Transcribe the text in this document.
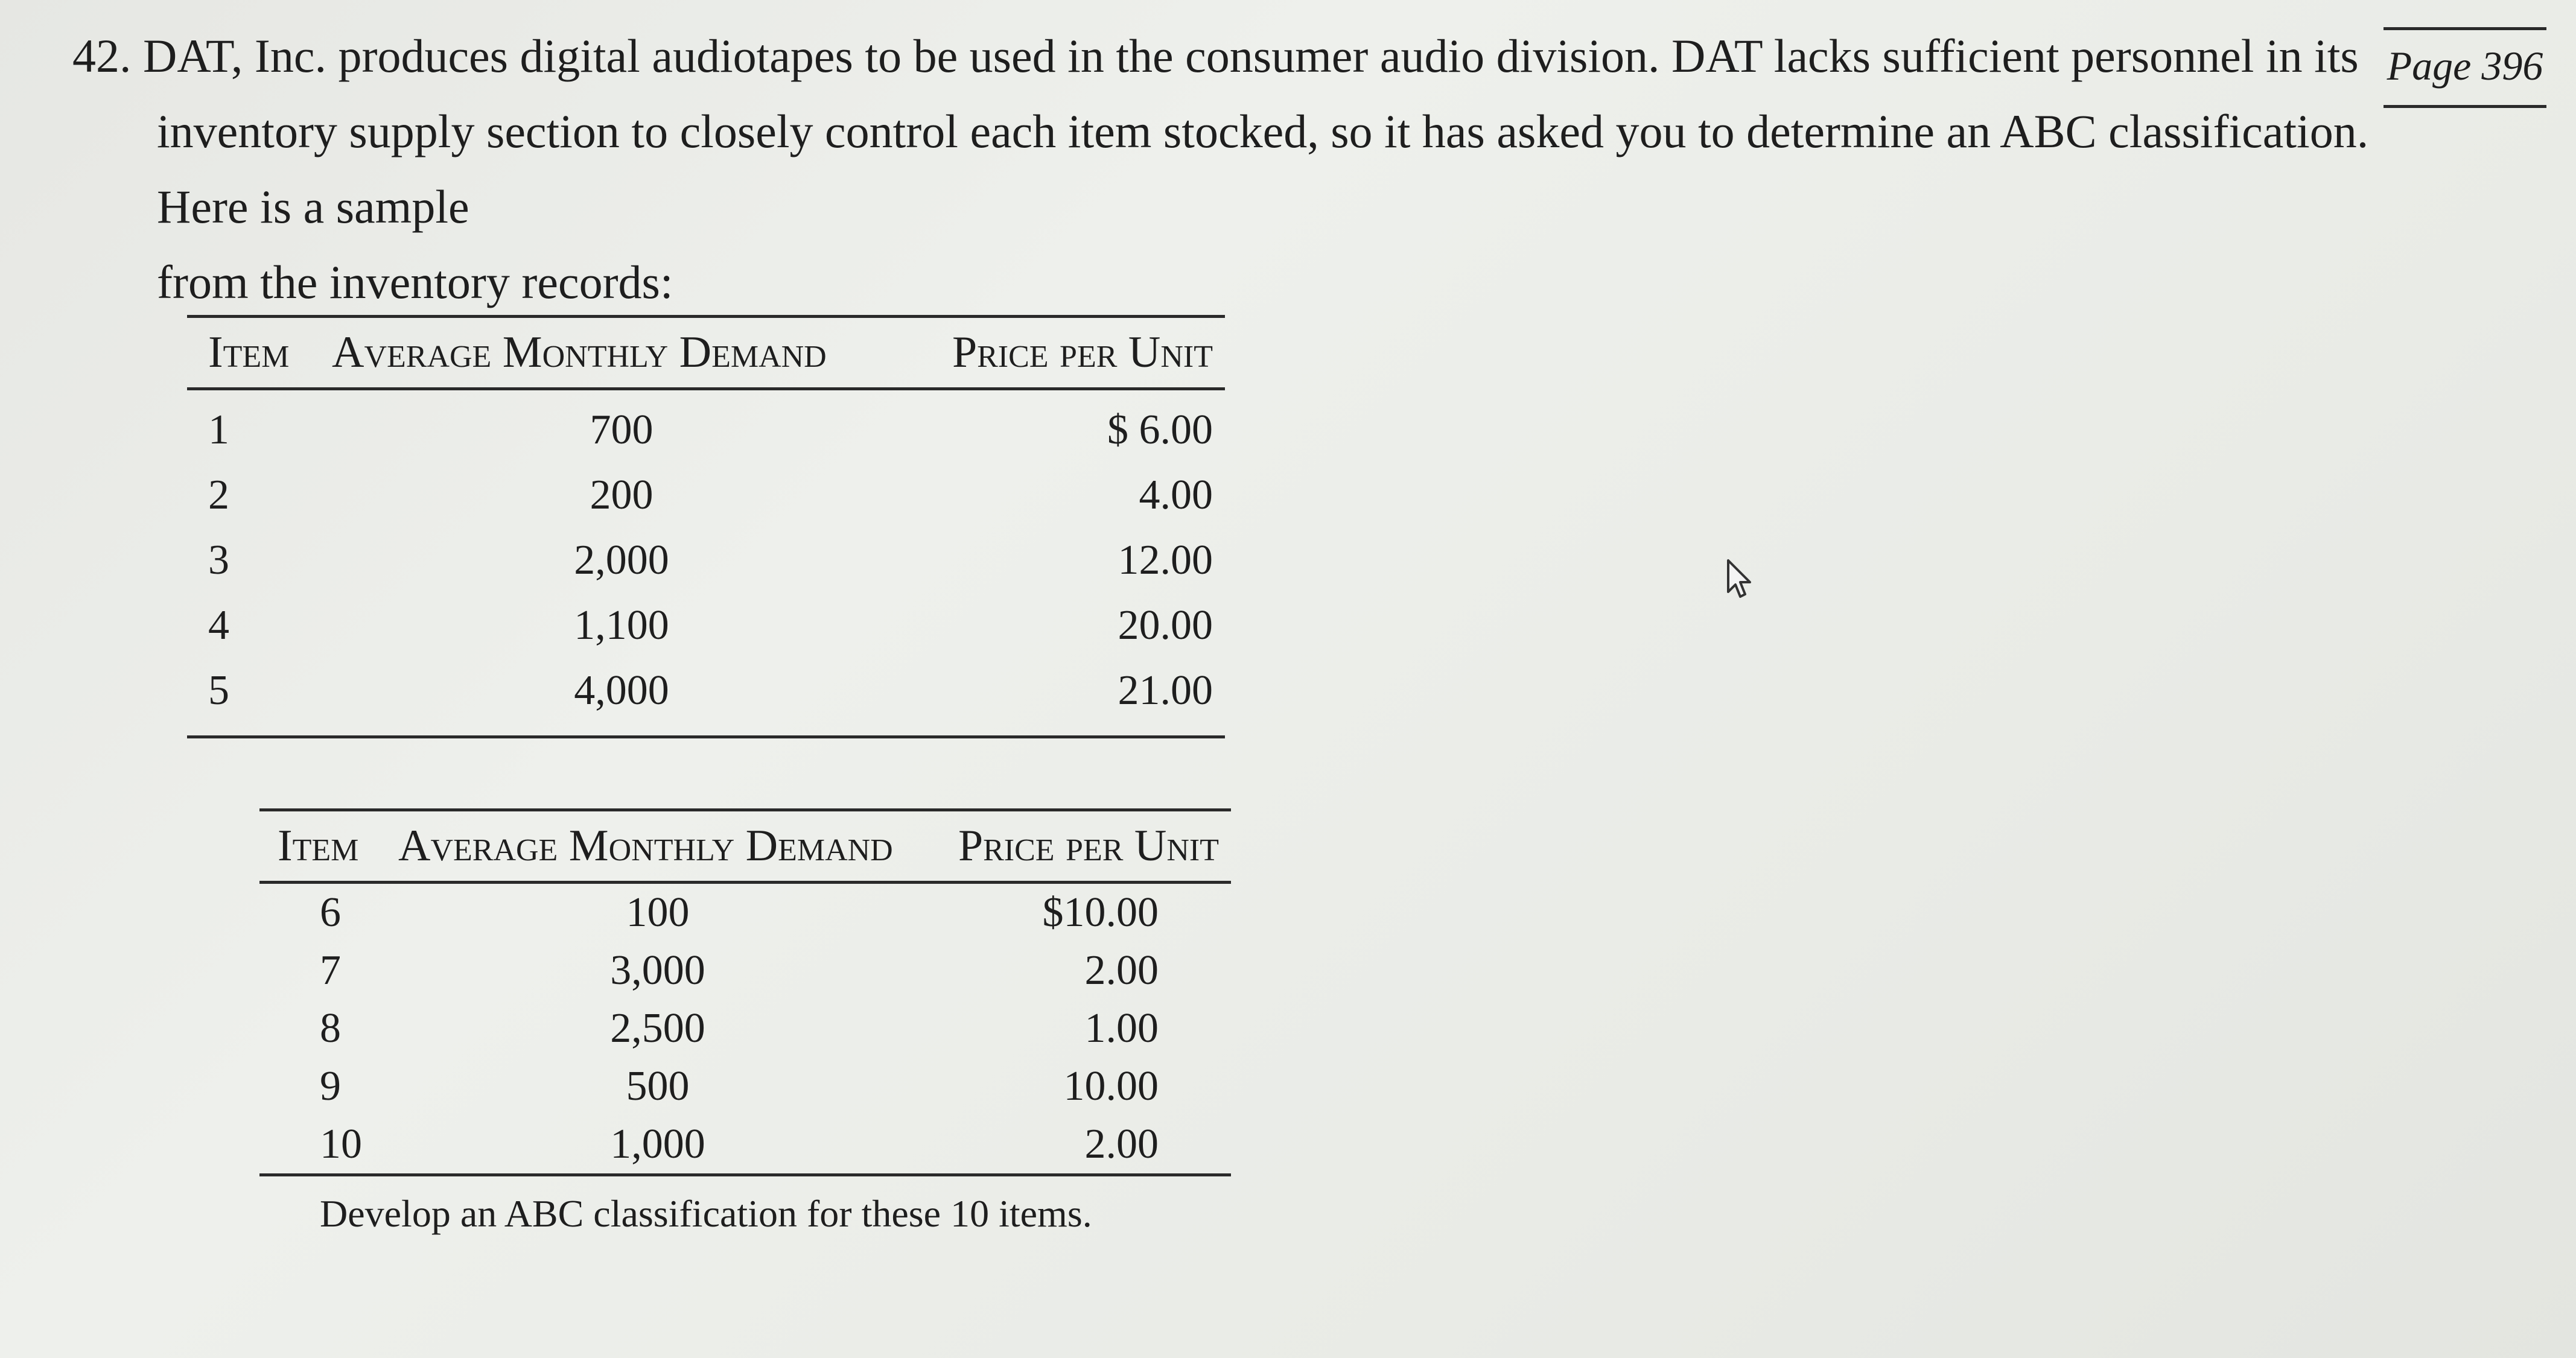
42. DAT, Inc. produces digital audiotapes to be used in the consumer audio division. DAT lacks sufficient personnel in its
inventory supply section to closely control each item stocked, so it has asked you to determine an ABC classification. Here is a sample
from the inventory records:
Page 396
Item Average Monthly Demand	Price per Unit
1	700	$ 6.00
2	200	4.00
3	2,000	12.00
4	1,100	20.00
5	4,000	21.00
Item Average Monthly Demand	Price per Unit
6	100	$10.00
7	3,000	2.00
8	2,500	1.00
9	500	10.00
10	1,000	2.00
Develop an ABC classification for these 10 items.
